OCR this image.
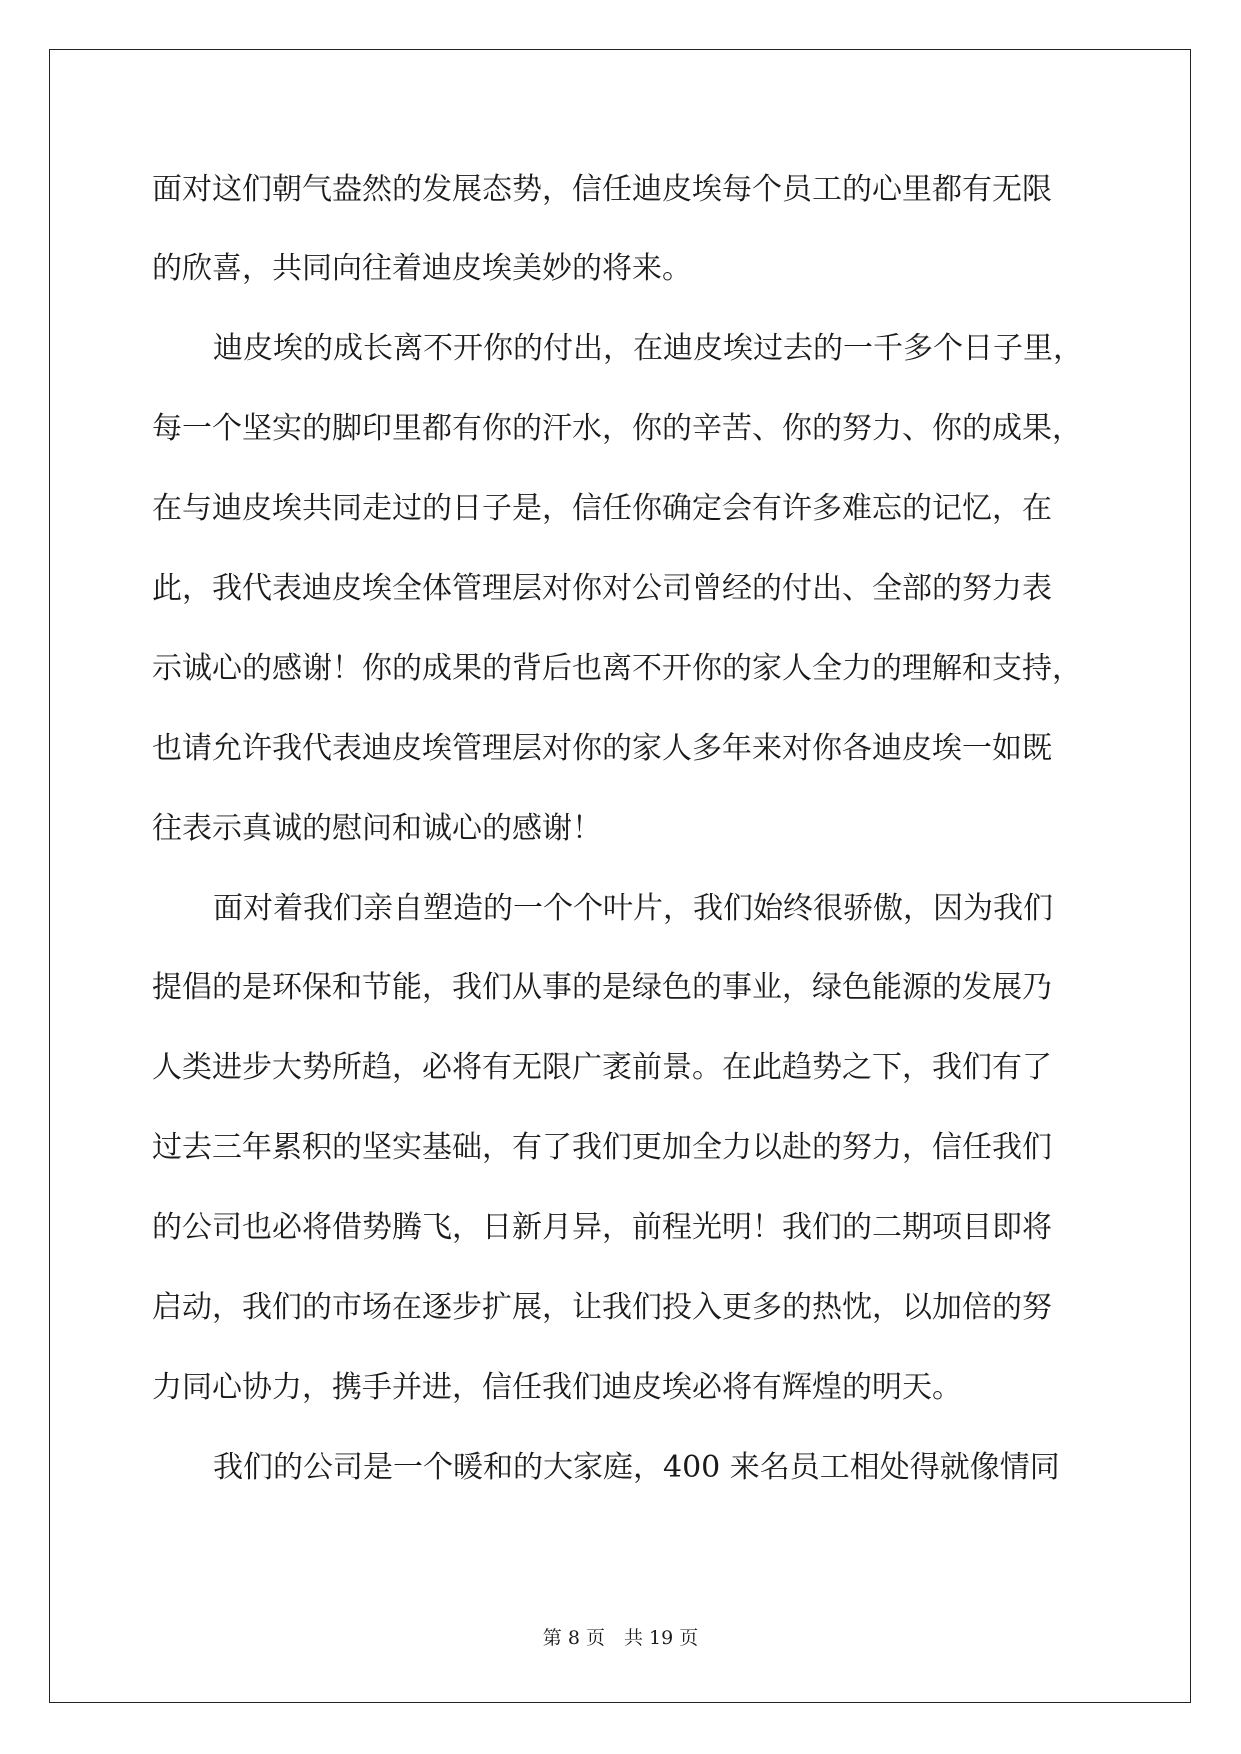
面对这们朝气盎然的发展态势，信任迪皮埃每个员工的心里都有无限

的欣喜，共同向往着迪皮埃美妙的将来。

迪皮埃的成长离不开你的付出，在迪皮埃过去的一千多个日子里，

每一个坚实的脚印里都有你的汗水，你的辛苦、你的努力、你的成果，

在与迪皮埃共同走过的日子是，信任你确定会有许多难忘的记忆，在

此，我代表迪皮埃全体管理层对你对公司曾经的付出、全部的努力表

示诚心的感谢！你的成果的背后也离不开你的家人全力的理解和支持，

也请允许我代表迪皮埃管理层对你的家人多年来对你各迪皮埃一如既

往表示真诚的慰问和诚心的感谢！

面对着我们亲自塑造的一个个叶片，我们始终很骄傲，因为我们

提倡的是环保和节能，我们从事的是绿色的事业，绿色能源的发展乃

人类进步大势所趋，必将有无限广袤前景。在此趋势之下，我们有了

过去三年累积的坚实基础，有了我们更加全力以赴的努力，信任我们

的公司也必将借势腾飞，日新月异，前程光明！我们的二期项目即将

启动，我们的市场在逐步扩展，让我们投入更多的热忱，以加倍的努

力同心协力，携手并进，信任我们迪皮埃必将有辉煌的明天。

我们的公司是一个暖和的大家庭，400 来名员工相处得就像情同

第 8 页　共 19 页
